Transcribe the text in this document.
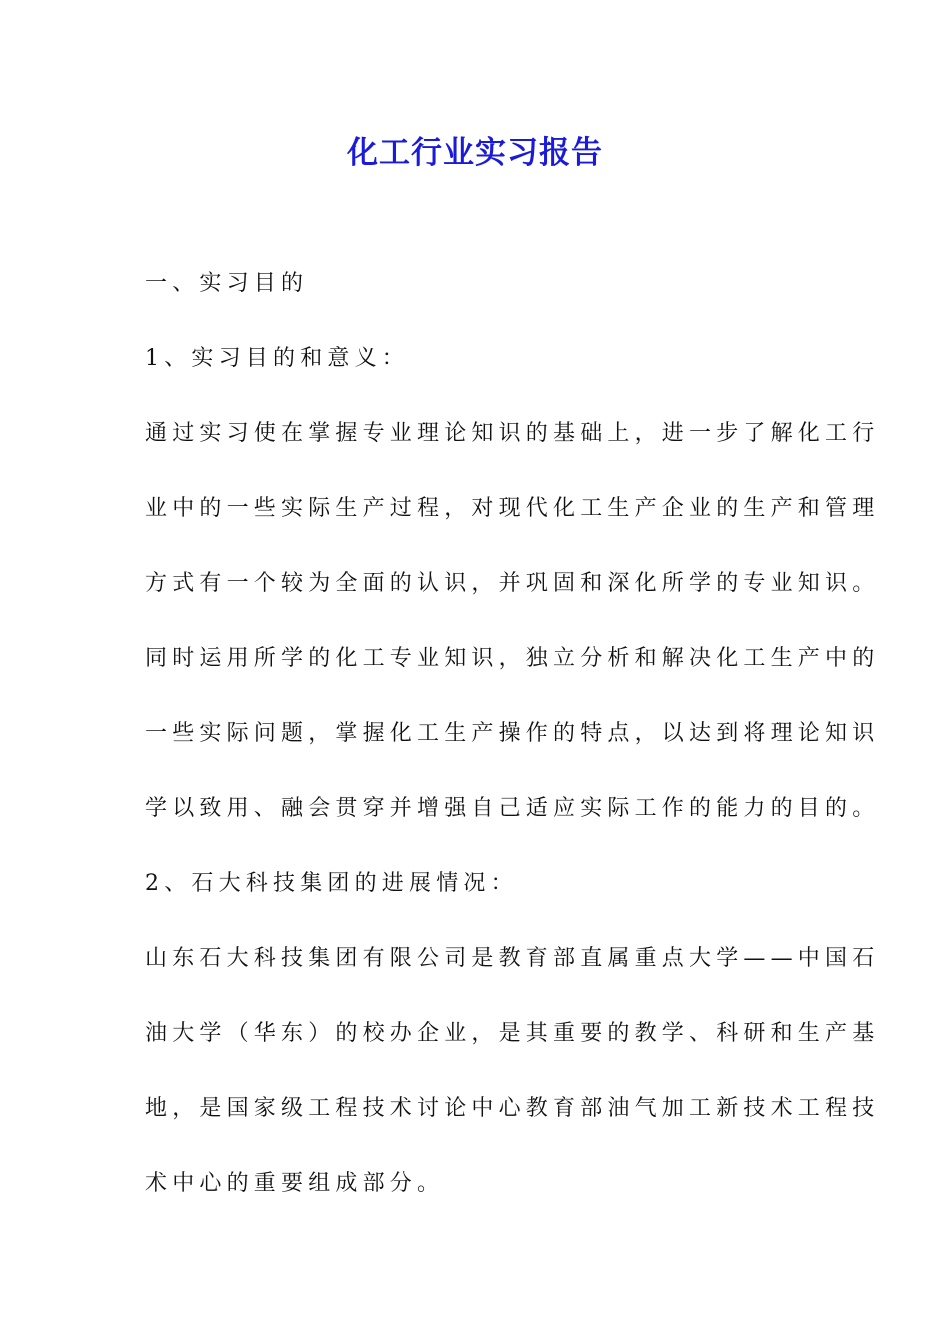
化工行业实习报告
一、实习目的
1、实习目的和意义：
通过实习使在掌握专业理论知识的基础上，进一步了解化工行
业中的一些实际生产过程，对现代化工生产企业的生产和管理
方式有一个较为全面的认识，并巩固和深化所学的专业知识。
同时运用所学的化工专业知识，独立分析和解决化工生产中的
一些实际问题，掌握化工生产操作的特点，以达到将理论知识
学以致用、融会贯穿并增强自己适应实际工作的能力的目的。
2、石大科技集团的进展情况：
山东石大科技集团有限公司是教育部直属重点大学——中国石
油大学（华东）的校办企业，是其重要的教学、科研和生产基
地，是国家级工程技术讨论中心教育部油气加工新技术工程技
术中心的重要组成部分。
